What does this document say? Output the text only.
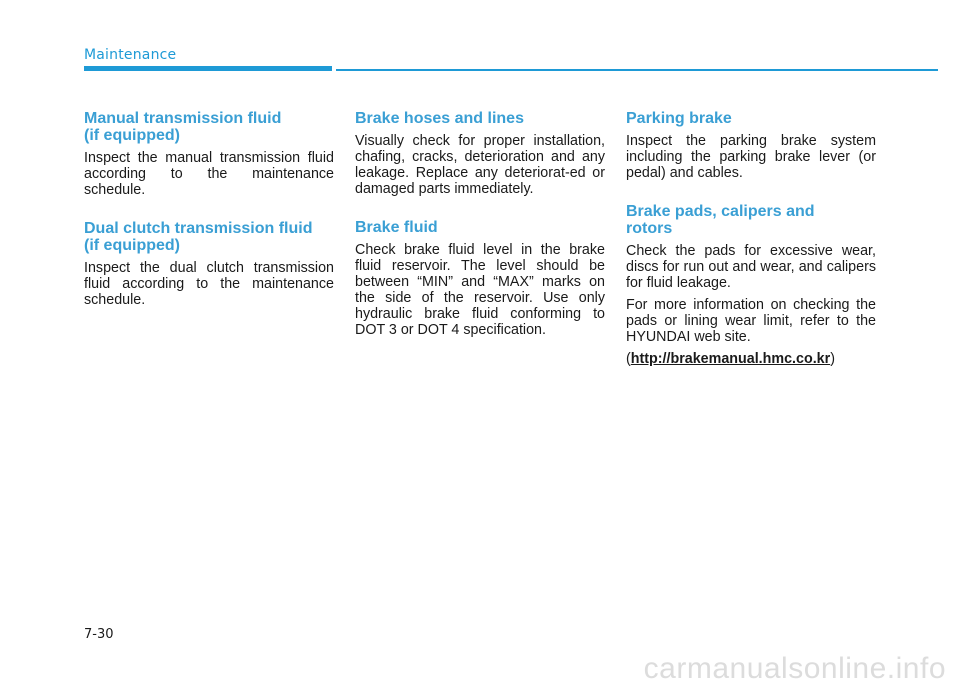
Maintenance
Manual transmission fluid
(if equipped)

Inspect the manual transmission fluid according to the maintenance schedule.

Dual clutch transmission fluid
(if equipped)

Inspect the dual clutch transmission fluid according to the maintenance schedule.

Brake hoses and lines

Visually check for proper installation, chafing, cracks, deterioration and any leakage. Replace any deteriorat-ed or damaged parts immediately.

Brake fluid

Check brake fluid level in the brake fluid reservoir. The level should be between “MIN” and “MAX” marks on the side of the reservoir. Use only hydraulic brake fluid conforming to DOT 3 or DOT 4 specification.

Parking brake

Inspect the parking brake system including the parking brake lever (or pedal) and cables.

Brake pads, calipers and
rotors

Check the pads for excessive wear, discs for run out and wear, and calipers for fluid leakage.

For more information on checking the pads or lining wear limit, refer to the HYUNDAI web site.

(http://brakemanual.hmc.co.kr)

7-30
carmanualsonline.info
